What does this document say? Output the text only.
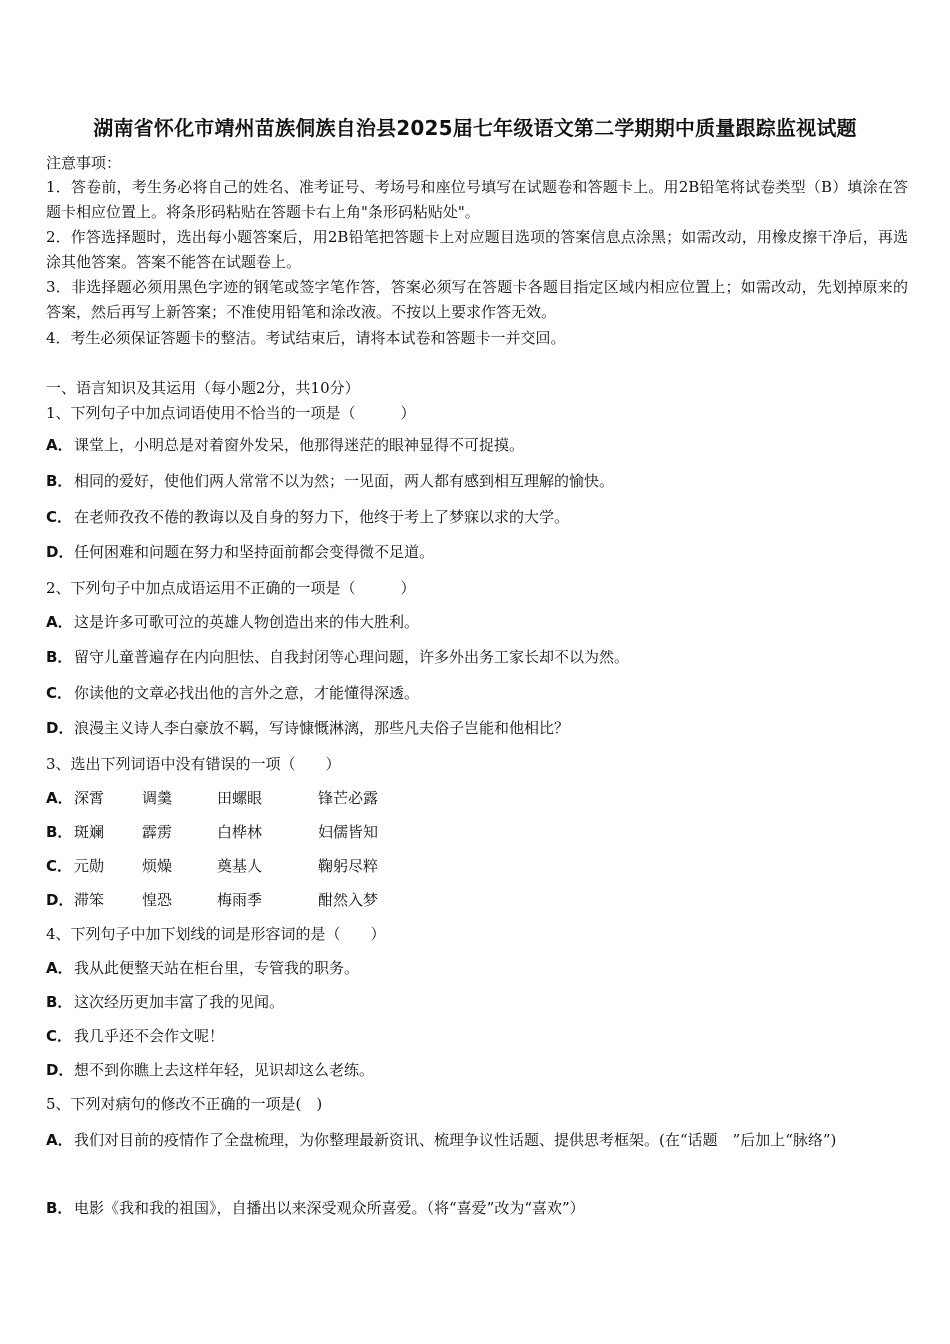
湖南省怀化市靖州苗族侗族自治县2025届七年级语文第二学期期中质量跟踪监视试题
注意事项：
1．答卷前，考生务必将自己的姓名、准考证号、考场号和座位号填写在试题卷和答题卡上。用2B铅笔将试卷类型（B）填涂在答题卡相应位置上。将条形码粘贴在答题卡右上角"条形码粘贴处"。
2．作答选择题时，选出每小题答案后，用2B铅笔把答题卡上对应题目选项的答案信息点涂黑；如需改动，用橡皮擦干净后，再选涂其他答案。答案不能答在试题卷上。
3．非选择题必须用黑色字迹的钢笔或签字笔作答，答案必须写在答题卡各题目指定区域内相应位置上；如需改动，先划掉原来的答案，然后再写上新答案；不准使用铅笔和涂改液。不按以上要求作答无效。
4．考生必须保证答题卡的整洁。考试结束后，请将本试卷和答题卡一并交回。
一、语言知识及其运用（每小题2分，共10分）
1、下列句子中加点词语使用不恰当的一项是（　　　）
A．课堂上，小明总是对着窗外发呆，他那得迷茫的眼神显得不可捉摸。
B． 相同的爱好，使他们两人常常不以为然；一见面，两人都有感到相互理解的愉快。
C． 在老师孜孜不倦的教诲以及自身的努力下，他终于考上了梦寐以求的大学。
D．任何困难和问题在努力和坚持面前都会变得微不足道。
2、下列句子中加点成语运用不正确的一项是（　　　）
A．这是许多可歌可泣的英雄人物创造出来的伟大胜利。
B． 留守儿童普遍存在内向胆怯、自我封闭等心理问题，许多外出务工家长却不以为然。
C． 你读他的文章必找出他的言外之意，才能懂得深透。
D．浪漫主义诗人李白豪放不羁，写诗慷慨淋漓，那些凡夫俗子岂能和他相比？
3、选出下列词语中没有错误的一项（　　）
A． 深霄	调羹	田螺眼	锋芒必露
B． 斑斓	霹雳	白桦林	妇儒皆知
C． 元勋	烦燥	奠基人	鞠躬尽粹
D． 滞笨	惶恐	梅雨季	酣然入梦
4、下列句子中加下划线的词是形容词的是（　　）
A．我从此便整天站在柜台里，专管我的职务。
B． 这次经历更加丰富了我的见闻。
C． 我几乎还不会作文呢！
D．想不到你瞧上去这样年轻，见识却这么老练。
5、下列对病句的修改不正确的一项是(　)
A．我们对目前的疫情作了全盘梳理，为你整理最新资讯、梳理争议性话题、提供思考框架。(在“话题　”后加上“脉络”)
B． 电影《我和我的祖国》，自播出以来深受观众所喜爱。（将“喜爱”改为“喜欢”）
